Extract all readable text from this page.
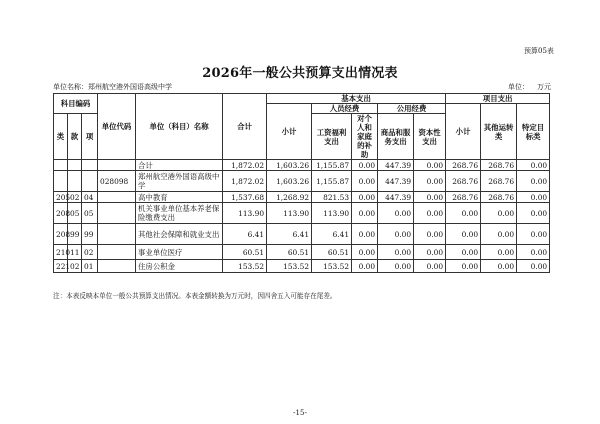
预算05表
2026年一般公共预算支出情况表
单位名称：郑州航空港外国语高级中学	单位： 万元
科目编码			单位代码	单位（科目）名称	合计	基本支出					项目支出		
						小计	人员经费		公用经费		小计	其他运转类	特定目标类
类	款	项					工资福利支出	对个人和家庭的补助	商品和服务支出	资本性支出			
				合计	1,872.02	1,603.26	1,155.87	0.00	447.39	0.00	268.76	268.76	0.00
			028098	郑州航空港外国语高级中学	1,872.02	1,603.26	1,155.87	0.00	447.39	0.00	268.76	268.76	0.00
205	02	04		高中教育	1,537.68	1,268.92	821.53	0.00	447.39	0.00	268.76	268.76	0.00
208	05	05		机关事业单位基本养老保险缴费支出	113.90	113.90	113.90	0.00	0.00	0.00	0.00	0.00	0.00
208	99	99		其他社会保障和就业支出	6.41	6.41	6.41	0.00	0.00	0.00	0.00	0.00	0.00
210	11	02		事业单位医疗	60.51	60.51	60.51	0.00	0.00	0.00	0.00	0.00	0.00
221	02	01		住房公积金	153.52	153.52	153.52	0.00	0.00	0.00	0.00	0.00	0.00
注：本表反映本单位一般公共预算支出情况。本表金额转换为万元时，因四舍五入可能存在尾差。
-15-
